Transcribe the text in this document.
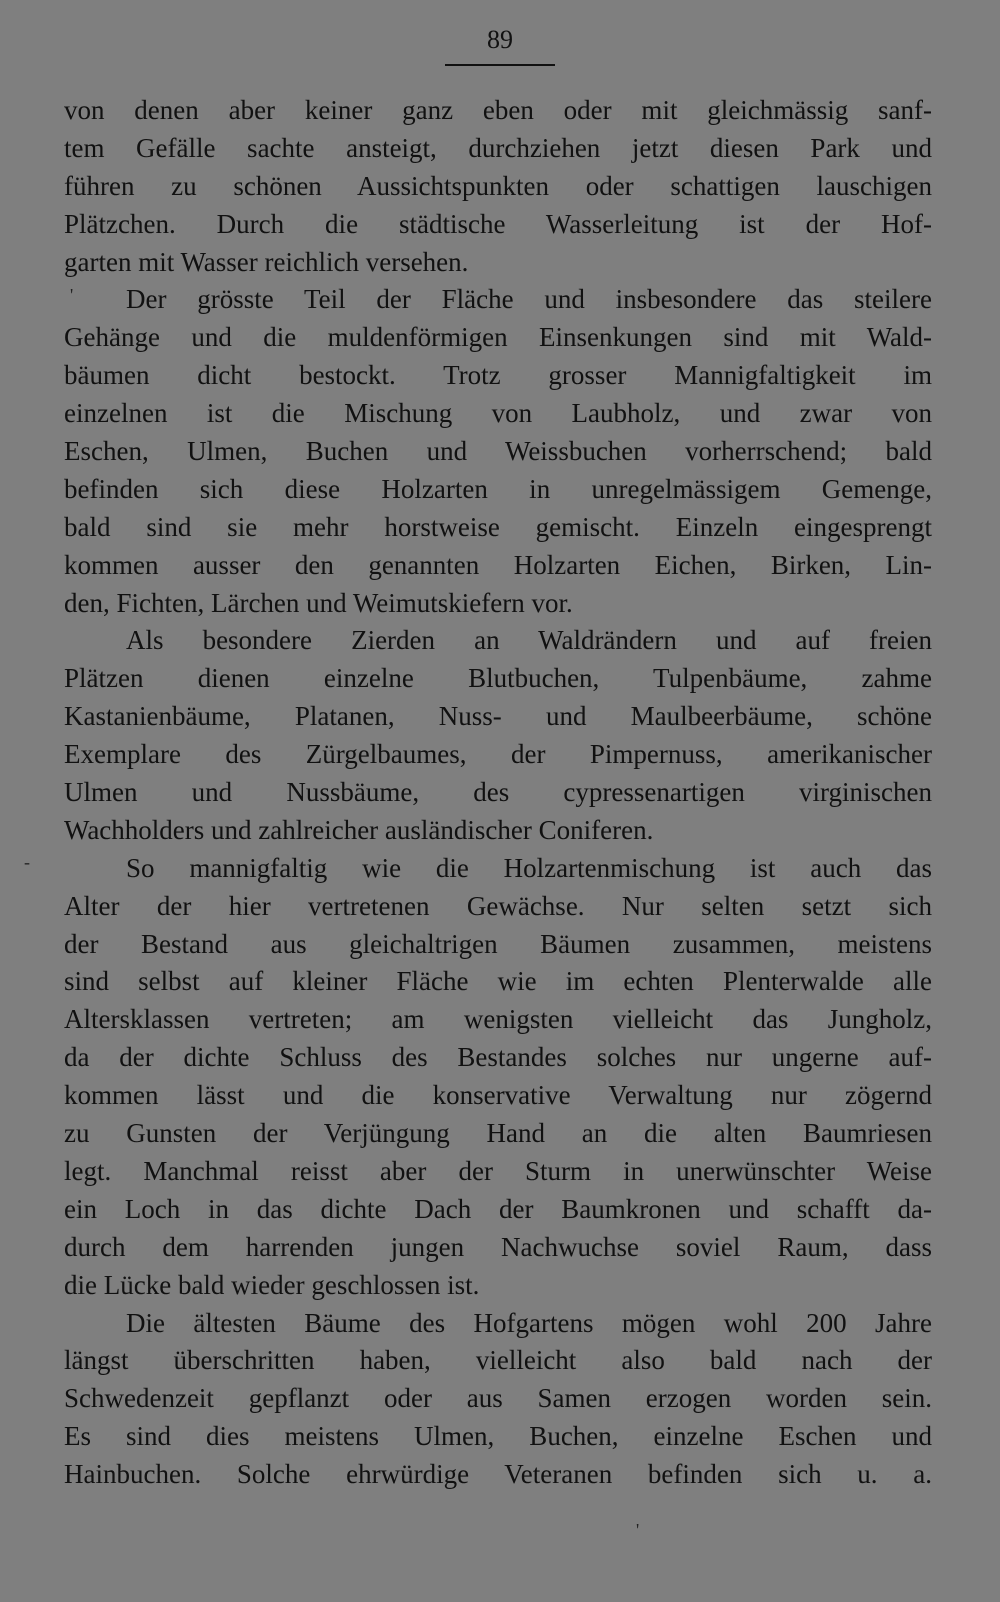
89
von denen aber keiner ganz eben oder mit gleichmässig sanf-
tem Gefälle sachte ansteigt, durchziehen jetzt diesen Park und
führen zu schönen Aussichtspunkten oder schattigen lauschigen
Plätzchen. Durch die städtische Wasserleitung ist der Hof-
garten mit Wasser reichlich versehen.
Der grösste Teil der Fläche und insbesondere das steilere
Gehänge und die muldenförmigen Einsenkungen sind mit Wald-
bäumen dicht bestockt. Trotz grosser Mannigfaltigkeit im
einzelnen ist die Mischung von Laubholz, und zwar von
Eschen, Ulmen, Buchen und Weissbuchen vorherrschend; bald
befinden sich diese Holzarten in unregelmässigem Gemenge,
bald sind sie mehr horstweise gemischt. Einzeln eingesprengt
kommen ausser den genannten Holzarten Eichen, Birken, Lin-
den, Fichten, Lärchen und Weimutskiefern vor.
Als besondere Zierden an Waldrändern und auf freien
Plätzen dienen einzelne Blutbuchen, Tulpenbäume, zahme
Kastanienbäume, Platanen, Nuss- und Maulbeerbäume, schöne
Exemplare des Zürgelbaumes, der Pimpernuss, amerikanischer
Ulmen und Nussbäume, des cypressenartigen virginischen
Wachholders und zahlreicher ausländischer Coniferen.
So mannigfaltig wie die Holzartenmischung ist auch das
Alter der hier vertretenen Gewächse. Nur selten setzt sich
der Bestand aus gleichaltrigen Bäumen zusammen, meistens
sind selbst auf kleiner Fläche wie im echten Plenterwalde alle
Altersklassen vertreten; am wenigsten vielleicht das Jungholz,
da der dichte Schluss des Bestandes solches nur ungerne auf-
kommen lässt und die konservative Verwaltung nur zögernd
zu Gunsten der Verjüngung Hand an die alten Baumriesen
legt. Manchmal reisst aber der Sturm in unerwünschter Weise
ein Loch in das dichte Dach der Baumkronen und schafft da-
durch dem harrenden jungen Nachwuchse soviel Raum, dass
die Lücke bald wieder geschlossen ist.
Die ältesten Bäume des Hofgartens mögen wohl 200 Jahre
längst überschritten haben, vielleicht also bald nach der
Schwedenzeit gepflanzt oder aus Samen erzogen worden sein.
Es sind dies meistens Ulmen, Buchen, einzelne Eschen und
Hainbuchen. Solche ehrwürdige Veteranen befinden sich u. a.
'
-
'
